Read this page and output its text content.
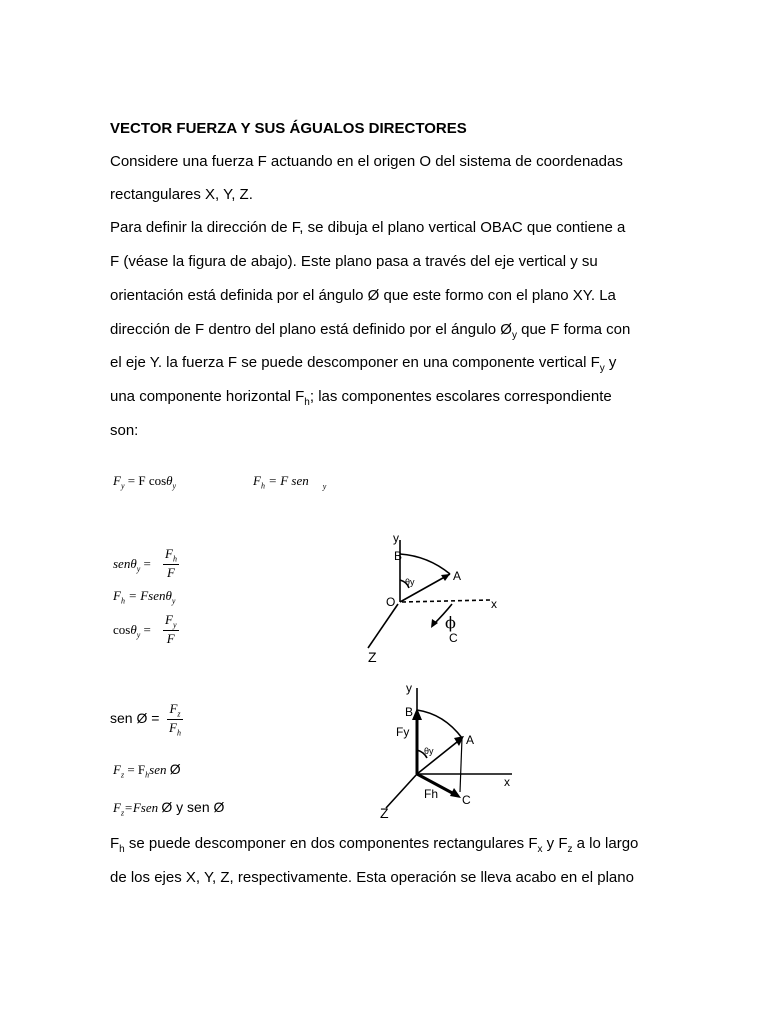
VECTOR FUERZA Y SUS ÁGUALOS DIRECTORES
Considere una fuerza F actuando en el origen O del sistema de coordenadas
rectangulares X, Y, Z.
Para definir la dirección de F, se dibuja el plano vertical OBAC que contiene a
F (véase la figura de abajo). Este plano pasa a través del eje vertical y su
orientación está definida por el ángulo Ø que este formo con el plano XY. La
dirección de F dentro del plano está definido por el ángulo $Ø_y$ que F forma con
el eje Y. la fuerza F se puede descomponer en una componente vertical $F_y$ y
una componente horizontal $F_h$; las componentes escolares correspondiente
son:
$F_y = F$ cosθ$_y$	$F_h = F$ sen $_y$
$sen\theta_y = \frac{F_h}{F}$
$F_h$ = Fsenθ$_y$
$\cos\theta_y = \frac{F_y}{F}$
sen Ø = $\frac{F_z}{F_h}$
$F_z = F_hsen$ Ø
$F_z=Fsen$ Ø y sen Ø
$F_h$ se puede descomponer en dos componentes rectangulares $F_x$ y $F_z$ a lo largo
de los ejes X, Y, Z, respectivamente. Esta operación se lleva acabo en el plano
y
B
A
O	x
θy
ϕ
C
Z
y
B
A
Fy
θy
x
Fh C
Z
